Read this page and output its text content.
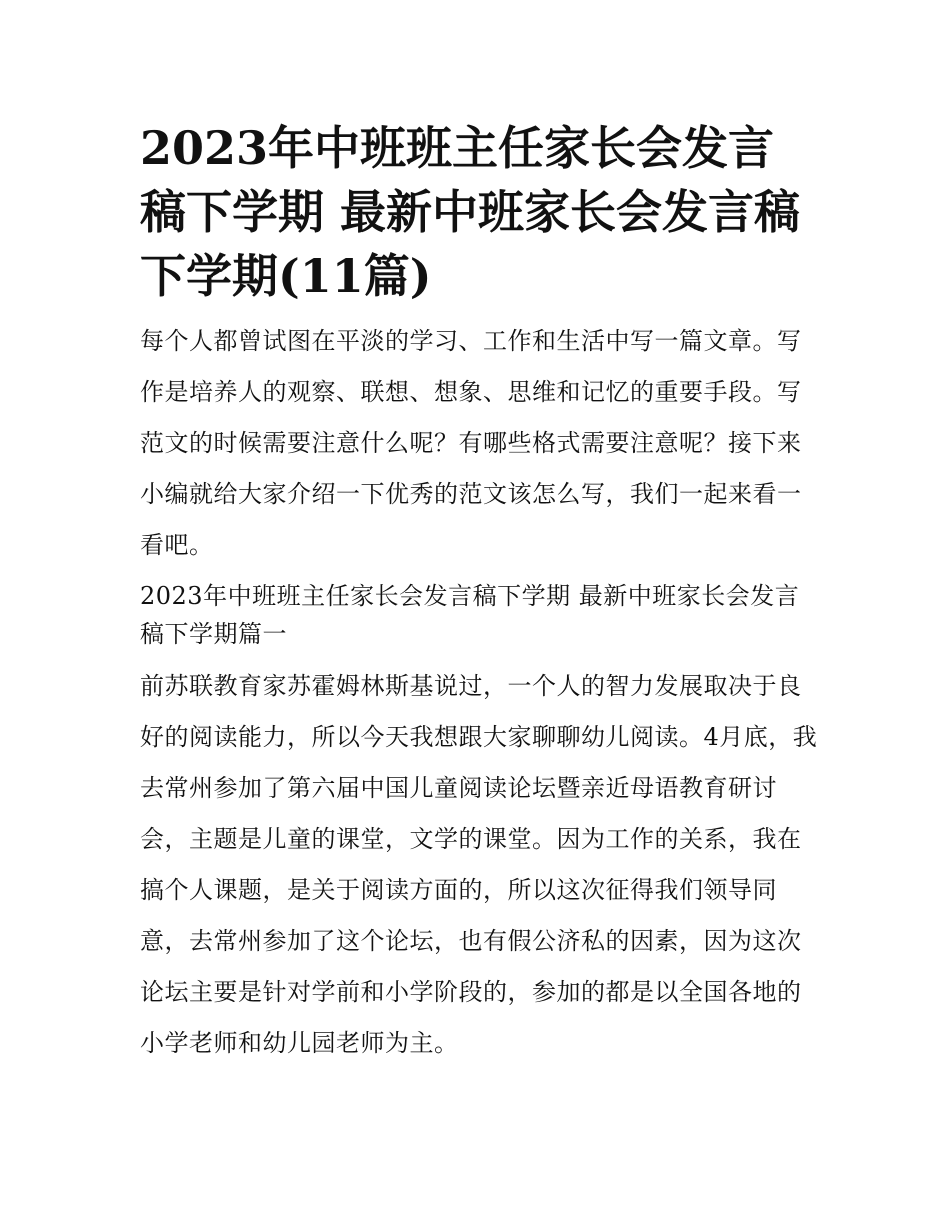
2023年中班班主任家长会发言稿下学期 最新中班家长会发言稿下学期(11篇)

每个人都曾试图在平淡的学习、工作和生活中写一篇文章。写作是培养人的观察、联想、想象、思维和记忆的重要手段。写范文的时候需要注意什么呢？有哪些格式需要注意呢？接下来小编就给大家介绍一下优秀的范文该怎么写，我们一起来看一看吧。

2023年中班班主任家长会发言稿下学期 最新中班家长会发言稿下学期篇一

前苏联教育家苏霍姆林斯基说过，一个人的智力发展取决于良好的阅读能力，所以今天我想跟大家聊聊幼儿阅读。4月底，我去常州参加了第六届中国儿童阅读论坛暨亲近母语教育研讨会，主题是儿童的课堂，文学的课堂。因为工作的关系，我在搞个人课题，是关于阅读方面的，所以这次征得我们领导同意，去常州参加了这个论坛，也有假公济私的因素，因为这次论坛主要是针对学前和小学阶段的，参加的都是以全国各地的小学老师和幼儿园老师为主。
